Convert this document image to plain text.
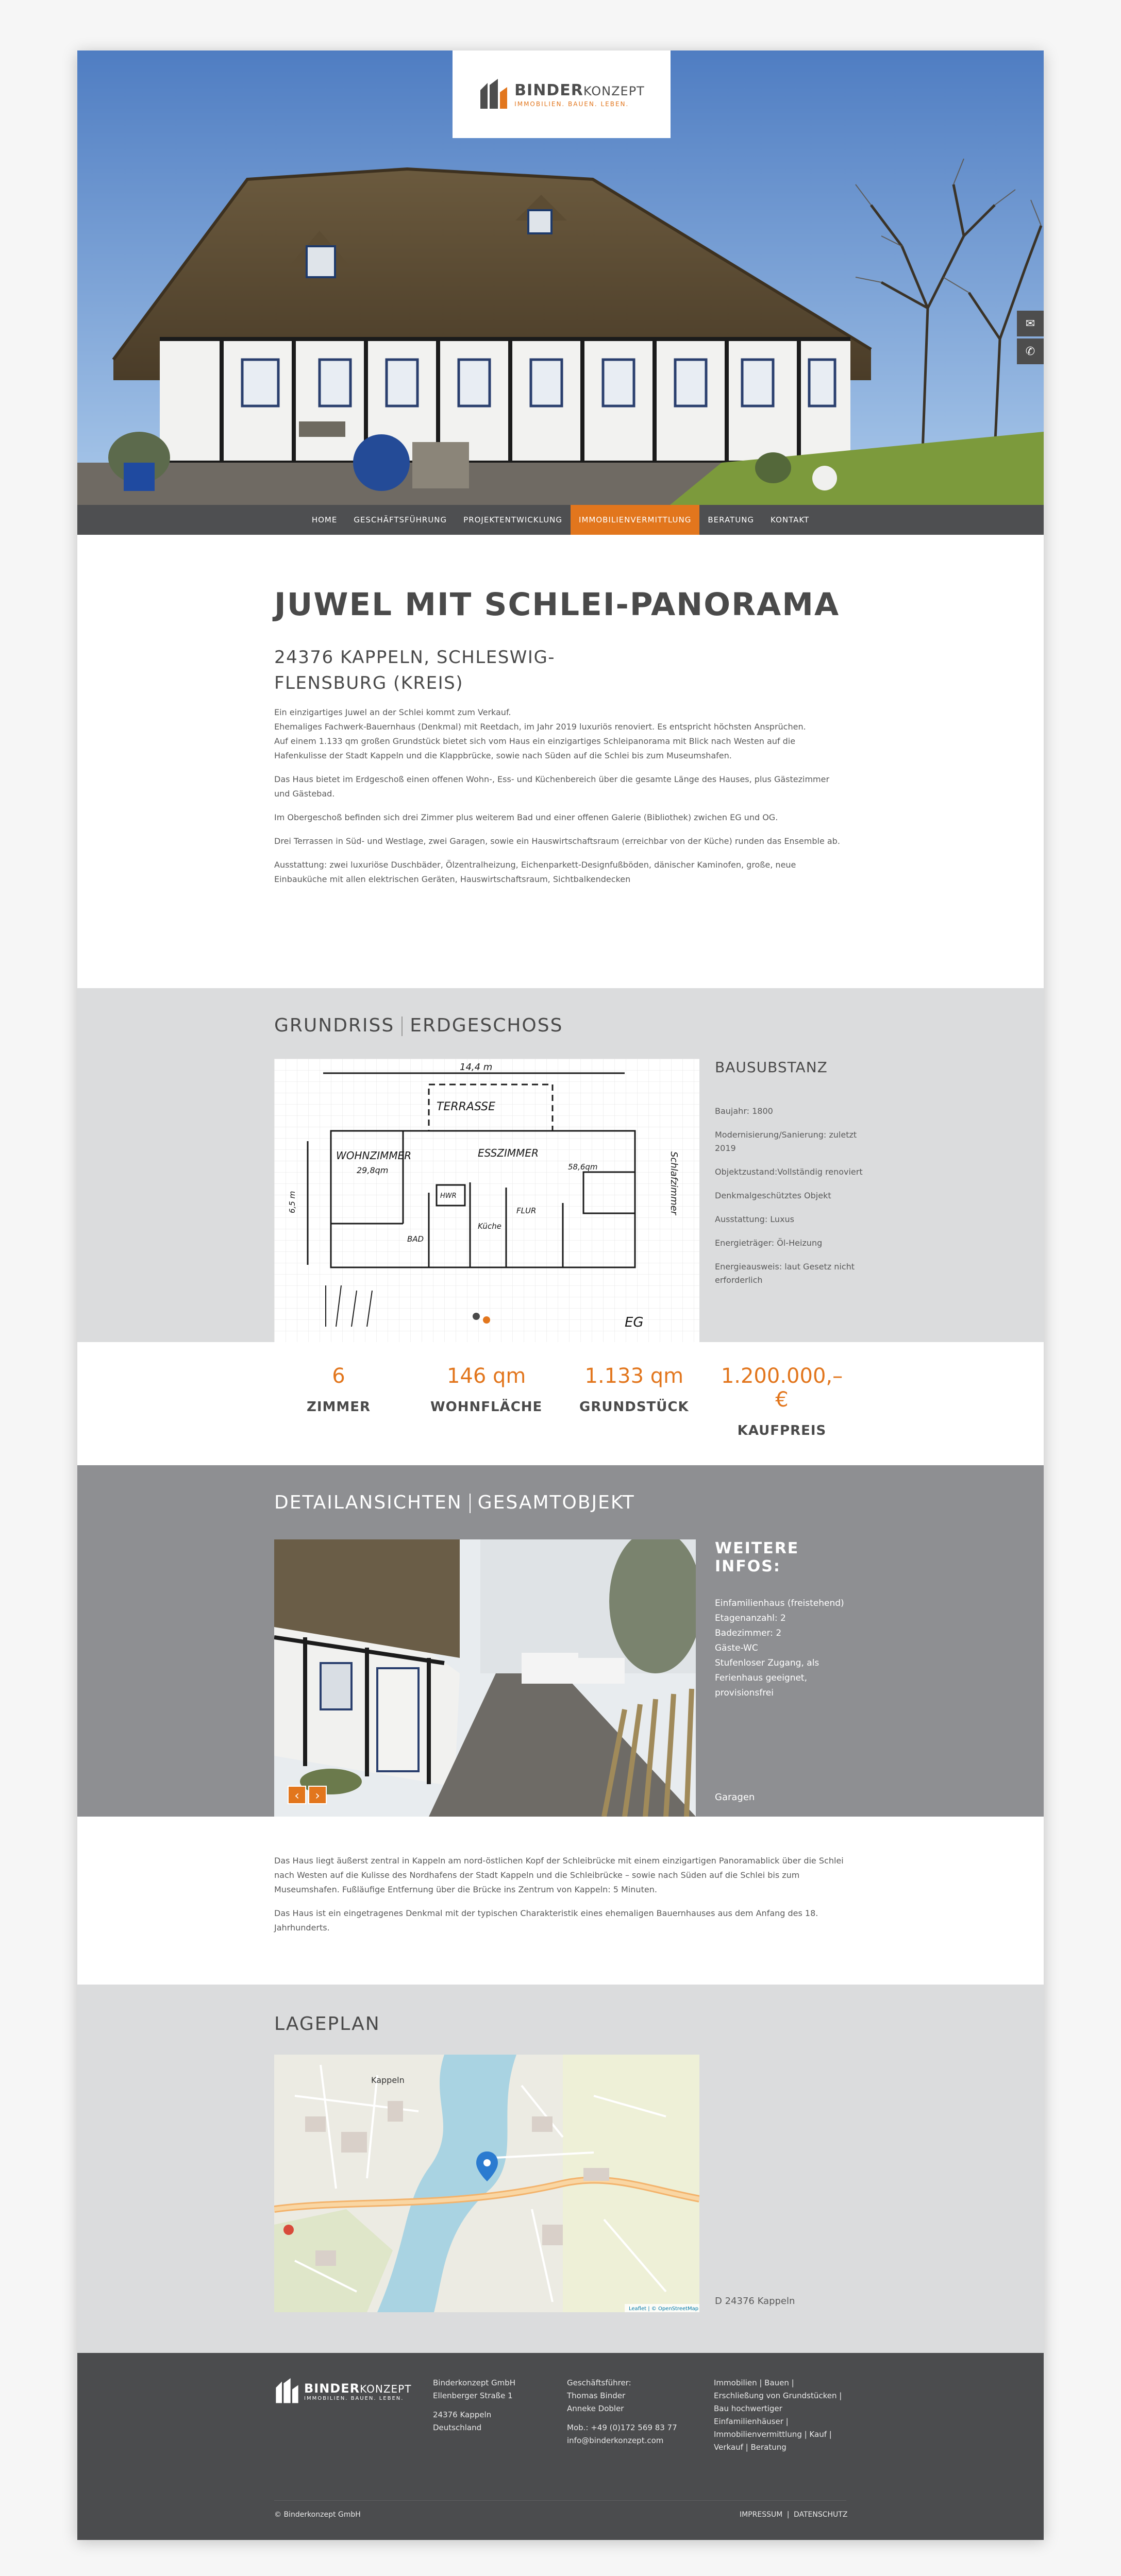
BINDERKONZEPT
IMMOBILIEN. BAUEN. LEBEN.
✉
✆
HOME	GESCHÄFTSFÜHRUNG	PROJEKTENTWICKLUNG	IMMOBILIENVERMITTLUNG	BERATUNG	KONTAKT
JUWEL MIT SCHLEI-PANORAMA
24376 KAPPELN, SCHLESWIG-FLENSBURG (KREIS)
Ein einzigartiges Juwel an der Schlei kommt zum Verkauf.
Ehemaliges Fachwerk-Bauernhaus (Denkmal) mit Reetdach, im Jahr 2019 luxuriös renoviert. Es entspricht höchsten Ansprüchen.
Auf einem 1.133 qm großen Grundstück bietet sich vom Haus ein einzigartiges Schleipanorama mit Blick nach Westen auf die Hafenkulisse der Stadt Kappeln und die Klappbrücke, sowie nach Süden auf die Schlei bis zum Museumshafen.
Das Haus bietet im Erdgeschoß einen offenen Wohn-, Ess- und Küchenbereich über die gesamte Länge des Hauses, plus Gästezimmer und Gästebad.
Im Obergeschoß befinden sich drei Zimmer plus weiterem Bad und einer offenen Galerie (Bibliothek) zwichen EG und OG.
Drei Terrassen in Süd- und Westlage, zwei Garagen, sowie ein Hauswirtschaftsraum (erreichbar von der Küche) runden das Ensemble ab.
Ausstattung: zwei luxuriöse Duschbäder, Ölzentralheizung, Eichenparkett-Designfußböden, dänischer Kaminofen, große, neue Einbauküche mit allen elektrischen Geräten, Hauswirtschaftsraum, Sichtbalkendecken
GRUNDRISS ERDGESCHOSS
TERRASSE
14,4 m
WOHNZIMMER
29,8qm
ESSZIMMER
58,6qm
BAD
HWR
Küche
FLUR
6,5 m	Schlafzimmer
EG
BAUSUBSTANZ
Baujahr: 1800
Modernisierung/Sanierung: zuletzt 2019
Objektzustand:Vollständig renoviert
Denkmalgeschütztes Objekt
Ausstattung: Luxus
Energieträger: Öl-Heizung
Energieausweis: laut Gesetz nicht erforderlich
6
ZIMMER
146 qm
WOHNFLÄCHE
1.133 qm
GRUNDSTÜCK
1.200.000,– €
KAUFPREIS
DETAILANSICHTEN GESAMTOBJEKT
‹	›
WEITERE INFOS:
Einfamilienhaus (freistehend)
Etagenanzahl: 2
Badezimmer: 2
Gäste-WC
Stufenloser Zugang, als
Ferienhaus geeignet,
provisionsfrei
Garagen
Das Haus liegt äußerst zentral in Kappeln am nord-östlichen Kopf der Schleibrücke mit einem einzigartigen Panoramablick über die Schlei nach Westen auf die Kulisse des Nordhafens der Stadt Kappeln und die Schleibrücke – sowie nach Süden auf die Schlei bis zum Museumshafen. Fußläufige Entfernung über die Brücke ins Zentrum von Kappeln: 5 Minuten.
Das Haus ist ein eingetragenes Denkmal mit der typischen Charakteristik eines ehemaligen Bauernhauses aus dem Anfang des 18. Jahrhunderts.
LAGEPLAN
Kappeln
Leaflet | © OpenStreetMap
D 24376 Kappeln
BINDERKONZEPT
IMMOBILIEN. BAUEN. LEBEN.
Binderkonzept GmbH
Ellenberger Straße 1
24376 Kappeln
Deutschland
Geschäftsführer:
Thomas Binder
Anneke Dobler
Mob.: +49 (0)172 569 83 77
info@binderkonzept.com
Immobilien | Bauen |
Erschließung von Grundstücken |
Bau hochwertiger
Einfamilienhäuser |
Immobilienvermittlung | Kauf |
Verkauf | Beratung
© Binderkonzept GmbH	IMPRESSUM | DATENSCHUTZ
